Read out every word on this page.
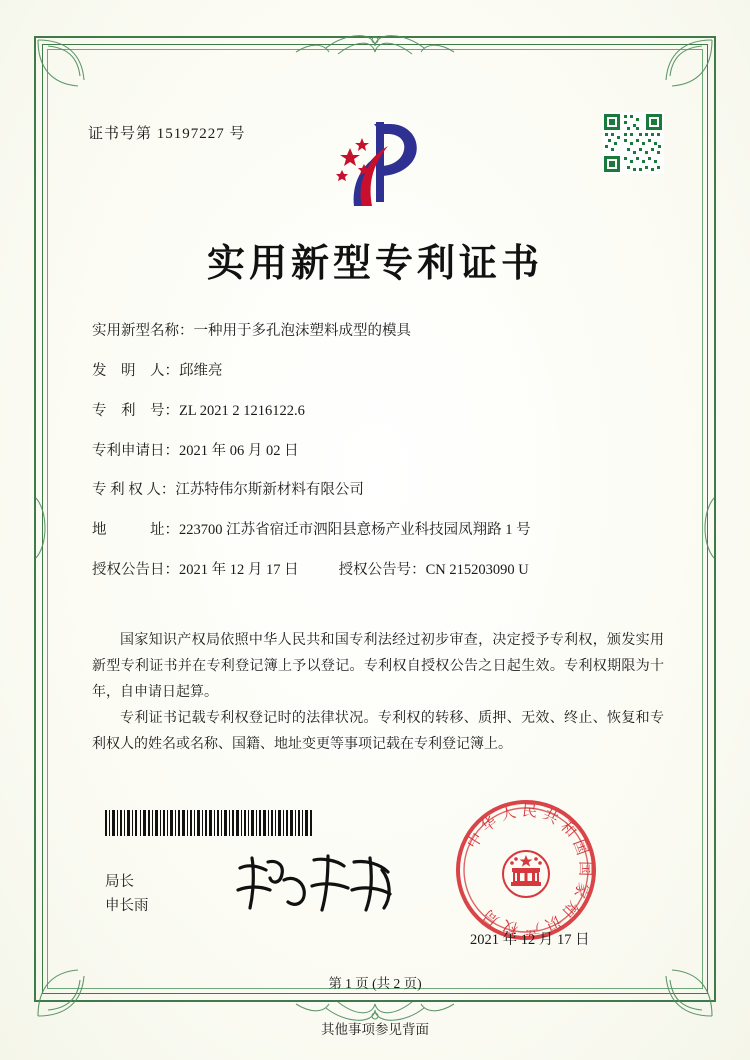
证书号第 15197227 号
实用新型专利证书
实用新型名称： 一种用于多孔泡沫塑料成型的模具
发　明　人： 邱维亮
专　利　号： ZL 2021 2 1216122.6
专利申请日： 2021 年 06 月 02 日
专 利 权 人： 江苏特伟尔斯新材料有限公司
地　　　址： 223700 江苏省宿迁市泗阳县意杨产业科技园凤翔路 1 号
授权公告日： 2021 年 12 月 17 日	授权公告号： CN 215203090 U

国家知识产权局依照中华人民共和国专利法经过初步审查，决定授予专利权，颁发实用新型专利证书并在专利登记簿上予以登记。专利权自授权公告之日起生效。专利权期限为十年，自申请日起算。

专利证书记载专利权登记时的法律状况。专利权的转移、质押、无效、终止、恢复和专利权人的姓名或名称、国籍、地址变更等事项记载在专利登记簿上。

局长
申长雨
中华人民共和国国家知识产权局
2021 年 12 月 17 日
第 1 页 (共 2 页)
其他事项参见背面
